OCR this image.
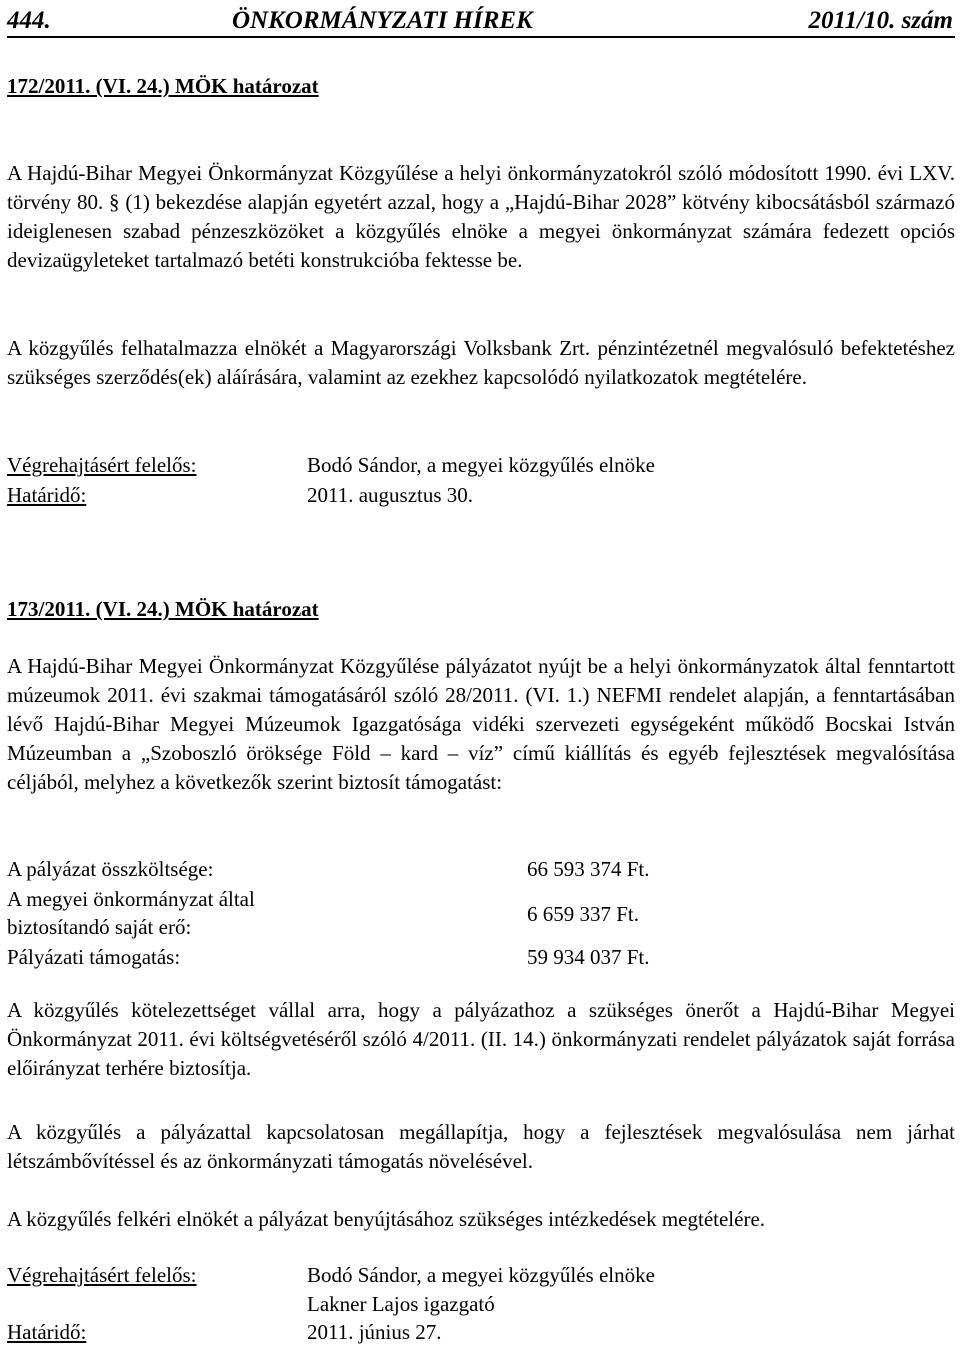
444.	ÖNKORMÁNYZATI HÍREK	2011/10. szám
172/2011. (VI. 24.) MÖK határozat

A Hajdú-Bihar Megyei Önkormányzat Közgyűlése a helyi önkormányzatokról szóló módosított 1990. évi LXV. törvény 80. § (1) bekezdése alapján egyetért azzal, hogy a „Hajdú-Bihar 2028” kötvény kibocsátásból származó ideiglenesen szabad pénzeszközöket a közgyűlés elnöke a megyei önkormányzat számára fedezett opciós devizaügyleteket tartalmazó betéti konstrukcióba fektesse be.

A közgyűlés felhatalmazza elnökét a Magyarországi Volksbank Zrt. pénzintézetnél megvalósuló befektetéshez szükséges szerződés(ek) aláírására, valamint az ezekhez kapcsolódó nyilatkozatok megtételére.

Végrehajtásért felelős:	Bodó Sándor, a megyei közgyűlés elnöke
Határidő:	2011. augusztus 30.
173/2011. (VI. 24.) MÖK határozat

A Hajdú-Bihar Megyei Önkormányzat Közgyűlése pályázatot nyújt be a helyi önkormányzatok által fenntartott múzeumok 2011. évi szakmai támogatásáról szóló 28/2011. (VI. 1.) NEFMI rendelet alapján, a fenntartásában lévő Hajdú-Bihar Megyei Múzeumok Igazgatósága vidéki szervezeti egységeként működő Bocskai István Múzeumban a „Szoboszló öröksége Föld – kard – víz” című kiállítás és egyéb fejlesztések megvalósítása céljából, melyhez a következők szerint biztosít támogatást:

A pályázat összköltsége:	66 593 374 Ft.
A megyei önkormányzat által biztosítandó saját erő:
6 659 337 Ft.
Pályázati támogatás:	59 934 037 Ft.

A közgyűlés kötelezettséget vállal arra, hogy a pályázathoz a szükséges önerőt a Hajdú-Bihar Megyei Önkormányzat 2011. évi költségvetéséről szóló 4/2011. (II. 14.) önkormányzati rendelet pályázatok saját forrása előirányzat terhére biztosítja.

A közgyűlés a pályázattal kapcsolatosan megállapítja, hogy a fejlesztések megvalósulása nem járhat létszámbővítéssel és az önkormányzati támogatás növelésével.

A közgyűlés felkéri elnökét a pályázat benyújtásához szükséges intézkedések megtételére.

Végrehajtásért felelős:	Bodó Sándor, a megyei közgyűlés elnöke
Lakner Lajos igazgató
Határidő:	2011. június 27.
